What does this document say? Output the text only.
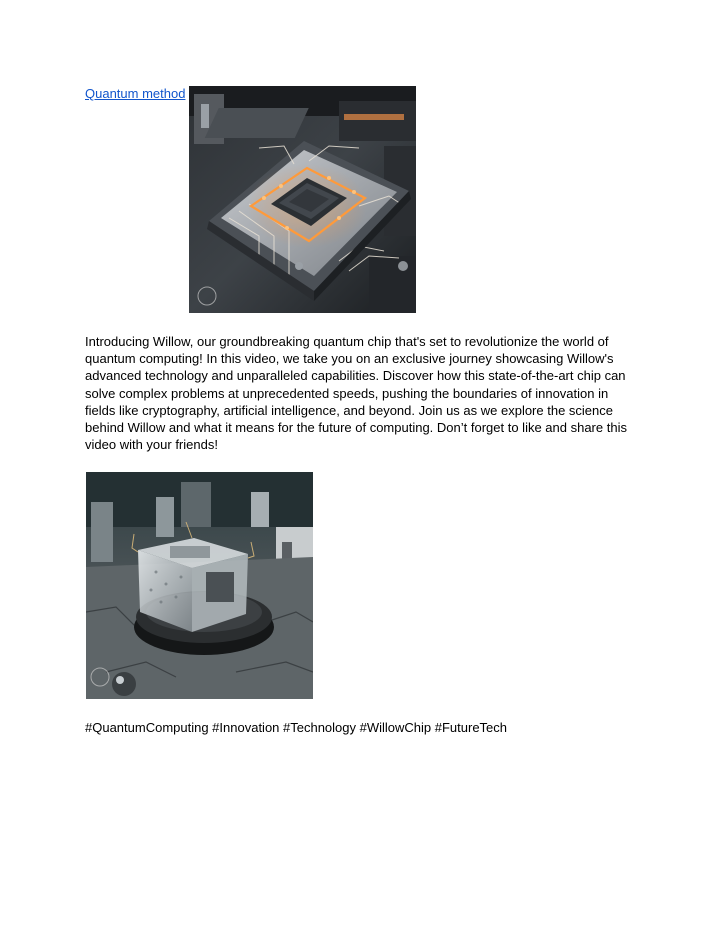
Quantum method

Introducing Willow, our groundbreaking quantum chip that's set to revolutionize the world of quantum computing! In this video, we take you on an exclusive journey showcasing Willow's advanced technology and unparalleled capabilities. Discover how this state-of-the-art chip can solve complex problems at unprecedented speeds, pushing the boundaries of innovation in fields like cryptography, artificial intelligence, and beyond. Join us as we explore the science behind Willow and what it means for the future of computing. Don’t forget to like and share this video with your friends!

#QuantumComputing #Innovation #Technology #WillowChip #FutureTech
